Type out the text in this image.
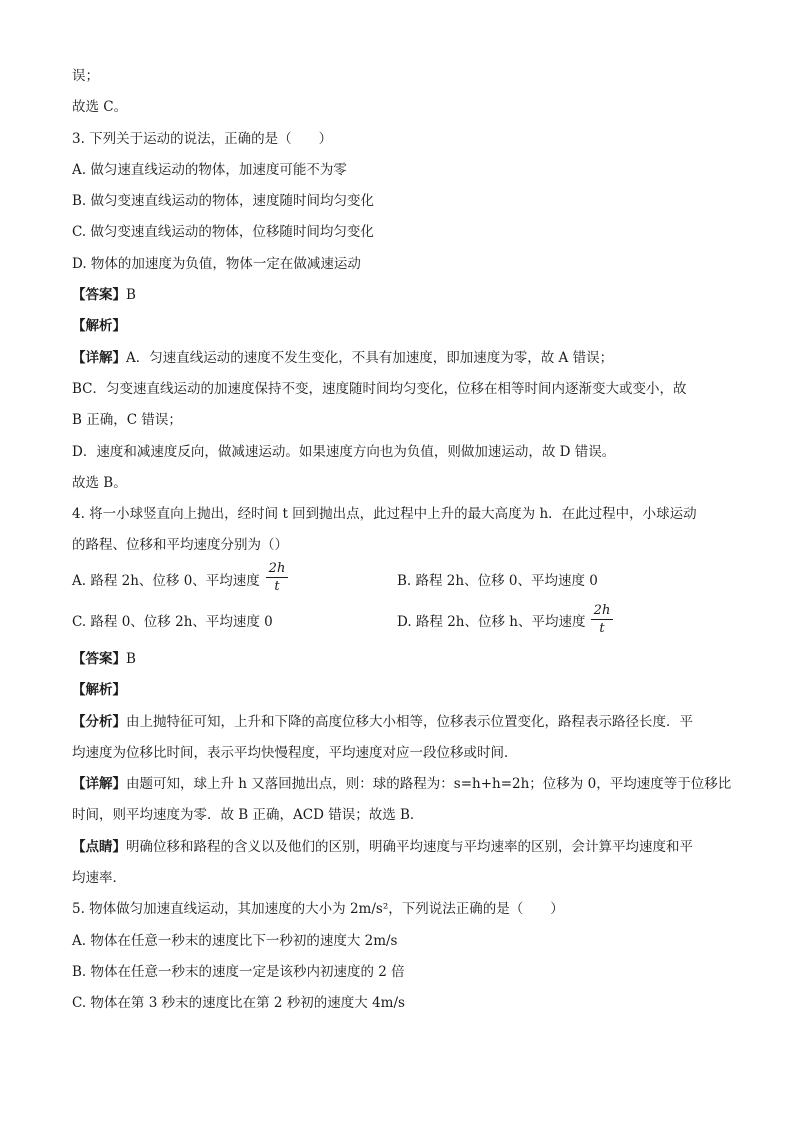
误；
故选 C。
3. 下列关于运动的说法，正确的是（　　）
A. 做匀速直线运动的物体，加速度可能不为零
B. 做匀变速直线运动的物体，速度随时间均匀变化
C. 做匀变速直线运动的物体，位移随时间均匀变化
D. 物体的加速度为负值，物体一定在做减速运动
【答案】B
【解析】
【详解】A．匀速直线运动的速度不发生变化，不具有加速度，即加速度为零，故 A 错误；
BC．匀变速直线运动的加速度保持不变，速度随时间均匀变化，位移在相等时间内逐渐变大或变小，故
B 正确，C 错误；
D．速度和减速度反向，做减速运动。如果速度方向也为负值，则做加速运动，故 D 错误。
故选 B。
4. 将一小球竖直向上抛出，经时间 t 回到抛出点，此过程中上升的最大高度为 h．在此过程中，小球运动
的路程、位移和平均速度分别为（）
A. 路程 2h、位移 0、平均速度 $\frac{2h}{t}$	B. 路程 2h、位移 0、平均速度 0
C. 路程 0、位移 2h、平均速度 0	D. 路程 2h、位移 h、平均速度 $\frac{2h}{t}$
【答案】B
【解析】
【分析】由上抛特征可知，上升和下降的高度位移大小相等，位移表示位置变化，路程表示路径长度．平
均速度为位移比时间，表示平均快慢程度，平均速度对应一段位移或时间．
【详解】由题可知，球上升 h 又落回抛出点，则：球的路程为：s=h+h=2h；位移为 0，平均速度等于位移比
时间，则平均速度为零．故 B 正确，ACD 错误；故选 B．
【点睛】明确位移和路程的含义以及他们的区别，明确平均速度与平均速率的区别，会计算平均速度和平
均速率．
5. 物体做匀加速直线运动，其加速度的大小为 2m/s²，下列说法正确的是（　　）
A. 物体在任意一秒末的速度比下一秒初的速度大 2m/s
B. 物体在任意一秒末的速度一定是该秒内初速度的 2 倍
C. 物体在第 3 秒末的速度比在第 2 秒初的速度大 4m/s
